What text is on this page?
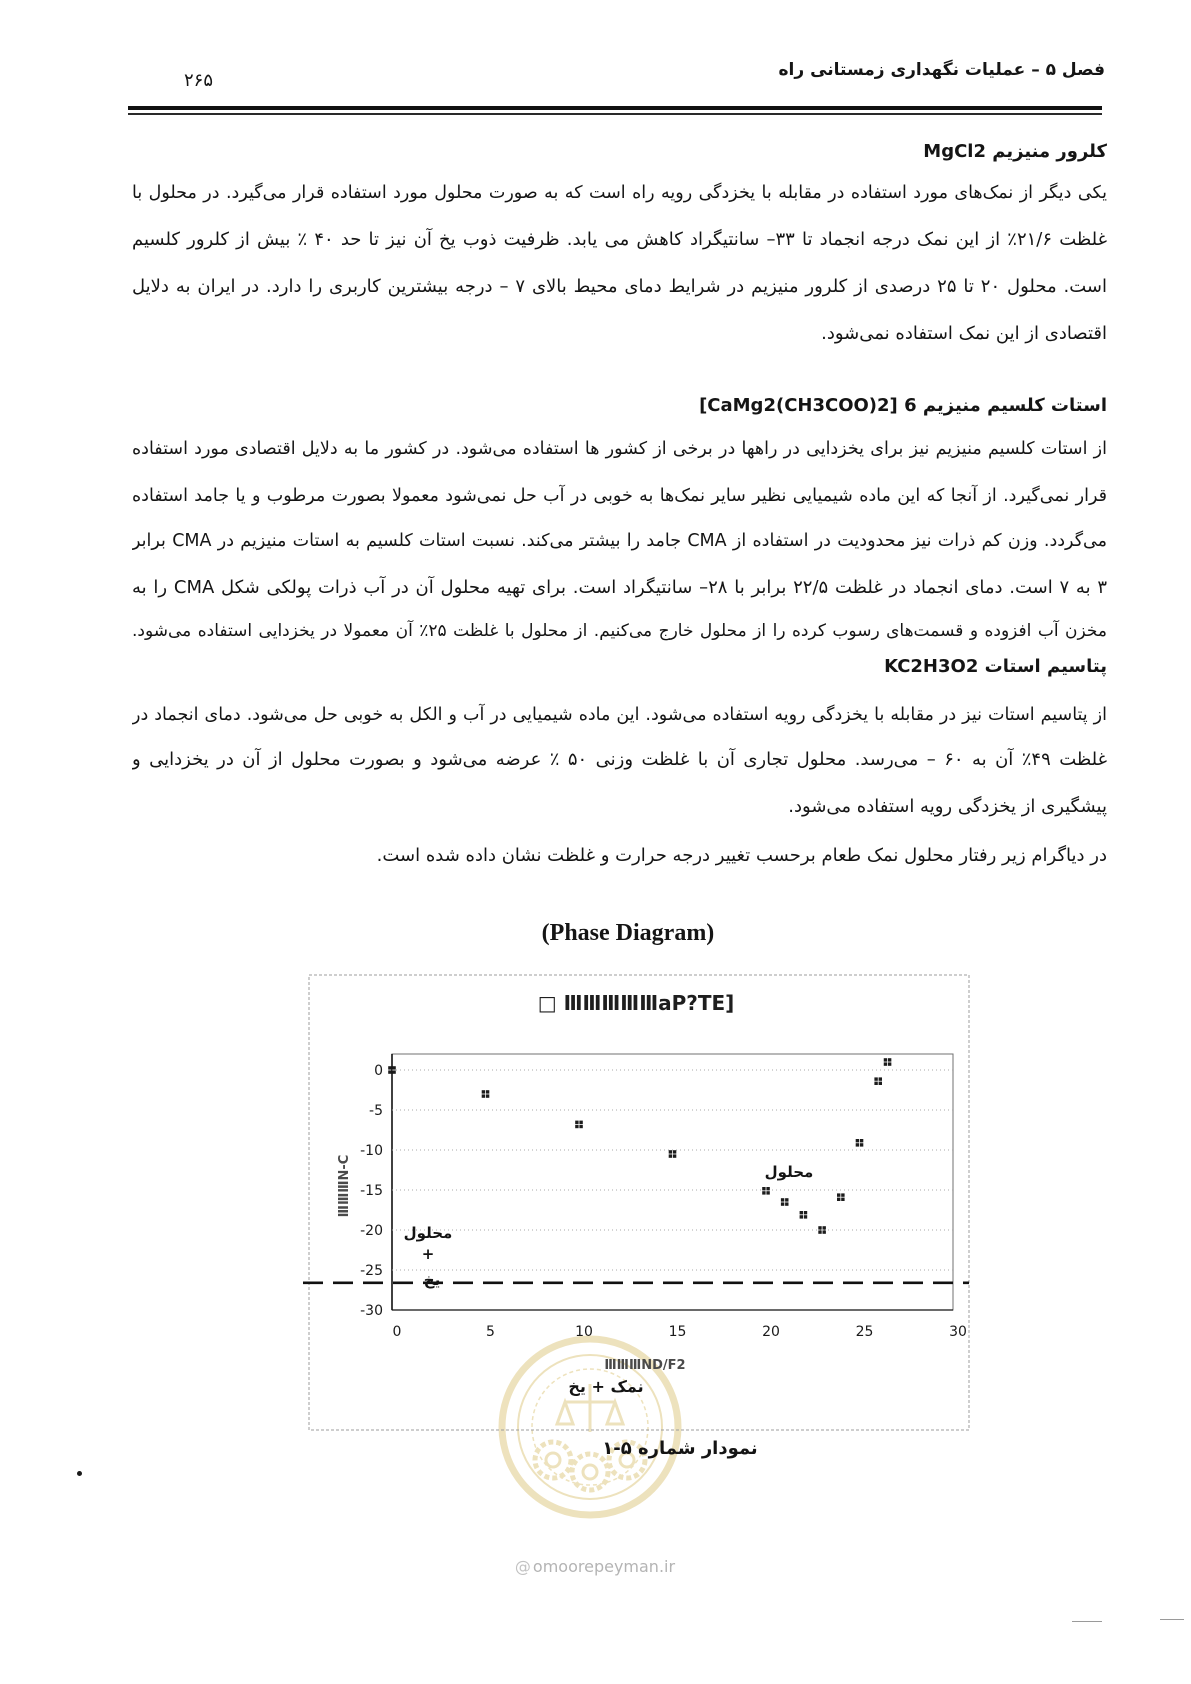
فصل ۵ – عملیات نگهداری زمستانی راه
۲۶۵
کلرور منیزیم MgCl2
یکی دیگر از نمک‌های مورد استفاده در مقابله با یخزدگی رویه راه است که به صورت محلول مورد استفاده قرار می‌گیرد. در محلول با
غلظت ۲۱/۶٪ از این نمک درجه انجماد تا ۳۳– سانتیگراد کاهش می یابد. ظرفیت ذوب یخ آن نیز تا حد ۴۰ ٪ بیش از کلرور کلسیم
است. محلول ۲۰ تا ۲۵ درصدی از کلرور منیزیم در شرایط دمای محیط بالای ۷ – درجه بیشترین کاربری را دارد. در ایران به دلایل
اقتصادی از این نمک استفاده نمی‌شود.
استات کلسیم منیزیم 6 [CaMg2(CH3COO)2]
از استات کلسیم منیزیم نیز برای یخزدایی در راهها در برخی از کشور ها استفاده می‌شود. در کشور ما به دلایل اقتصادی مورد استفاده
قرار نمی‌گیرد. از آنجا که این ماده شیمیایی نظیر سایر نمک‌ها به خوبی در آب حل نمی‌شود معمولا بصورت مرطوب و یا جامد استفاده
می‌گردد. وزن کم ذرات نیز محدودیت در استفاده از CMA جامد را بیشتر می‌کند. نسبت استات کلسیم به استات منیزیم در CMA برابر
۳ به ۷ است. دمای انجماد در غلظت ۲۲/۵ برابر با ۲۸– سانتیگراد است. برای تهیه محلول آن در آب ذرات پولکی شکل CMA را به
مخزن آب افزوده و قسمت‌های رسوب کرده را از محلول خارج می‌کنیم. از محلول با غلظت ۲۵٪ آن معمولا در یخزدایی استفاده می‌شود.
پتاسیم استات KC2H3O2
از پتاسیم استات نیز در مقابله با یخزدگی رویه استفاده می‌شود. این ماده شیمیایی در آب و الکل به خوبی حل می‌شود. دمای انجماد در
غلظت ۴۹٪ آن به ۶۰ – می‌رسد. محلول تجاری آن با غلظت وزنی ۵۰ ٪ عرضه می‌شود و بصورت محلول از آن در یخزدایی و
پیشگیری از یخزدگی رویه استفاده می‌شود.
در دیاگرام زیر رفتار محلول نمک طعام برحسب تغییر درجه حرارت و غلظت نشان داده شده است.
(Phase Diagram)
□ ⅢⅢⅢⅢⅢaP?TE]
0
-5
-10
-15
-20
-25
-30
0	5	10	15	20	25	30
محلول
محلول
+
یخ
ⅢⅢⅢN-C
ⅢⅢⅢND/F2
نمک + یخ
نمودار شماره ۵-۱
@ omoorepeyman.ir
